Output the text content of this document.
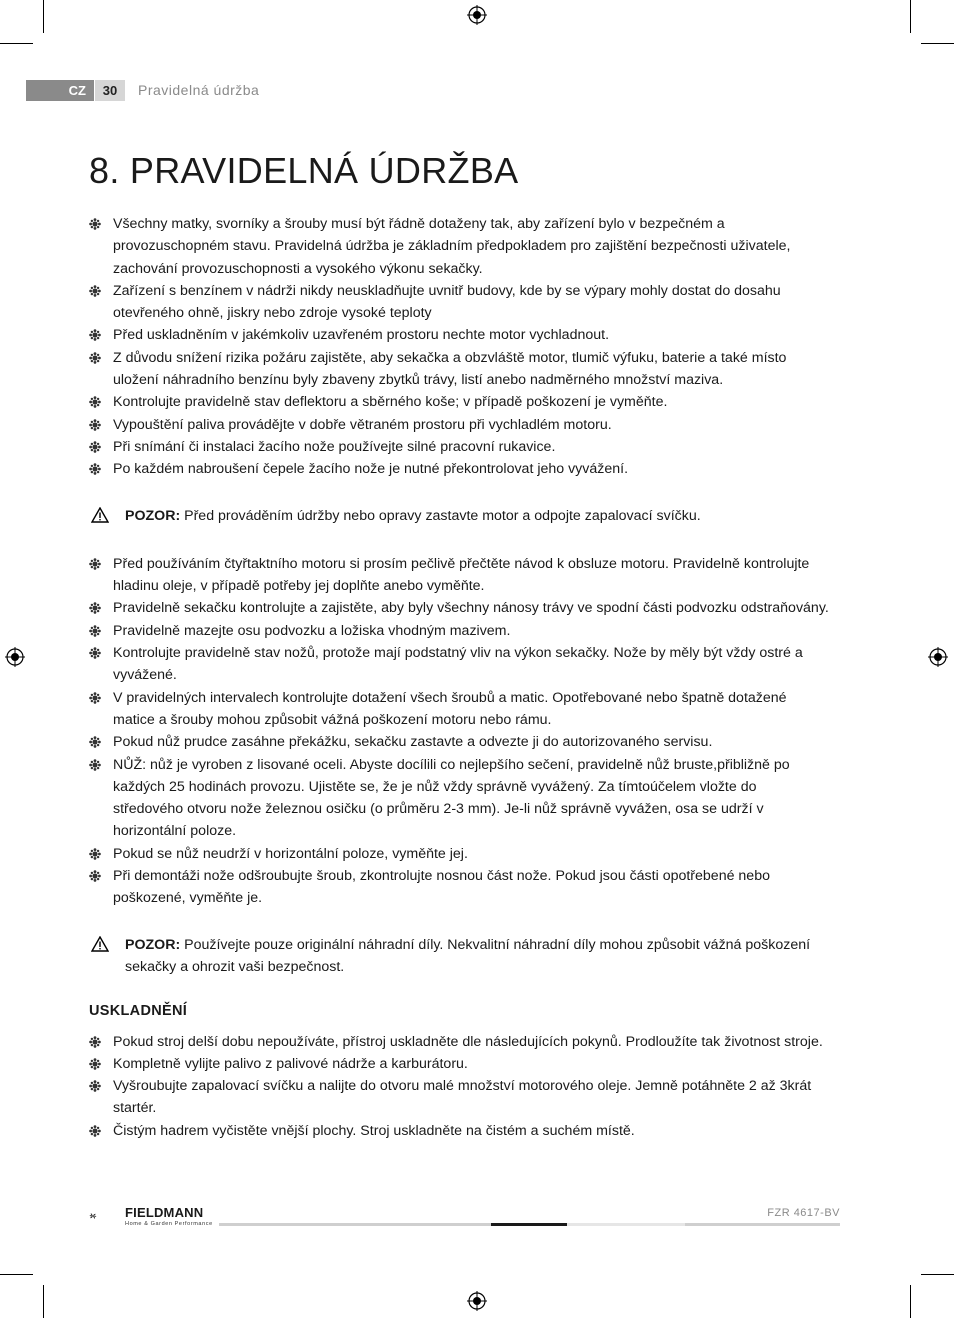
CZ	30	Pravidelná údržba
8. PRAVIDELNÁ ÚDRŽBA
Všechny matky, svorníky a šrouby musí být řádně dotaženy tak, aby zařízení bylo v bezpečném a provozuschopném stavu. Pravidelná údržba je základním předpokladem pro zajištění bezpečnosti uživatele, zachování provozuschopnosti a vysokého výkonu sekačky.
Zařízení s benzínem v nádrži nikdy neuskladňujte uvnitř budovy, kde by se výpary mohly dostat do dosahu otevřeného ohně, jiskry nebo zdroje vysoké teploty
Před uskladněním v jakémkoliv uzavřeném prostoru nechte motor vychladnout.
Z důvodu snížení rizika požáru zajistěte, aby sekačka a obzvláště motor, tlumič výfuku, baterie a také místo uložení náhradního benzínu byly zbaveny zbytků trávy, listí anebo nadměrného množství maziva.
Kontrolujte pravidelně stav deflektoru a sběrného koše; v případě poškození je vyměňte.
Vypouštění paliva provádějte v dobře větraném prostoru při vychladlém motoru.
Při snímání či instalaci žacího nože používejte silné pracovní rukavice.
Po každém nabroušení čepele žacího nože je nutné překontrolovat jeho vyvážení.
POZOR: Před prováděním údržby nebo opravy zastavte motor a odpojte zapalovací svíčku.
Před používáním čtyřtaktního motoru si prosím pečlivě přečtěte návod k obsluze motoru. Pravidelně kontrolujte hladinu oleje, v případě potřeby jej doplňte anebo vyměňte.
Pravidelně sekačku kontrolujte a zajistěte, aby byly všechny nánosy trávy ve spodní části podvozku odstraňovány.
Pravidelně mazejte osu podvozku a ložiska vhodným mazivem.
Kontrolujte pravidelně stav nožů, protože mají podstatný vliv na výkon sekačky. Nože by měly být vždy ostré a vyvážené.
V pravidelných intervalech kontrolujte dotažení všech šroubů a matic. Opotřebované nebo špatně dotažené matice a šrouby mohou způsobit vážná poškození motoru nebo rámu.
Pokud nůž prudce zasáhne překážku, sekačku zastavte a odvezte ji do autorizovaného servisu.
NŮŽ: nůž je vyroben z lisované oceli. Abyste docílili co nejlepšího sečení, pravidelně nůž bruste,přibližně po každých 25 hodinách provozu. Ujistěte se, že je nůž vždy správně vyvážený. Za tímtoúčelem vložte do středového otvoru nože železnou osičku (o průměru 2-3 mm). Je-li nůž správně vyvážen, osa se udrží v horizontální poloze.
Pokud se nůž neudrží v horizontální poloze, vyměňte jej.
Při demontáži nože odšroubujte šroub, zkontrolujte nosnou část nože. Pokud jsou části opotřebené nebo poškozené, vyměňte je.
POZOR: Používejte pouze originální náhradní díly. Nekvalitní náhradní díly mohou způsobit vážná poškození sekačky a ohrozit vaši bezpečnost.
USKLADNĚNÍ
Pokud stroj delší dobu nepoužíváte, přístroj uskladněte dle následujících pokynů. Prodloužíte tak životnost stroje.
Kompletně vylijte palivo z palivové nádrže a karburátoru.
Vyšroubujte zapalovací svíčku a nalijte do otvoru malé množství motorového oleje. Jemně potáhněte 2 až 3krát startér.
Čistým hadrem vyčistěte vnější plochy. Stroj uskladněte na čistém a suchém místě.
FIELDMANN
Home & Garden Performance
FZR 4617-BV
